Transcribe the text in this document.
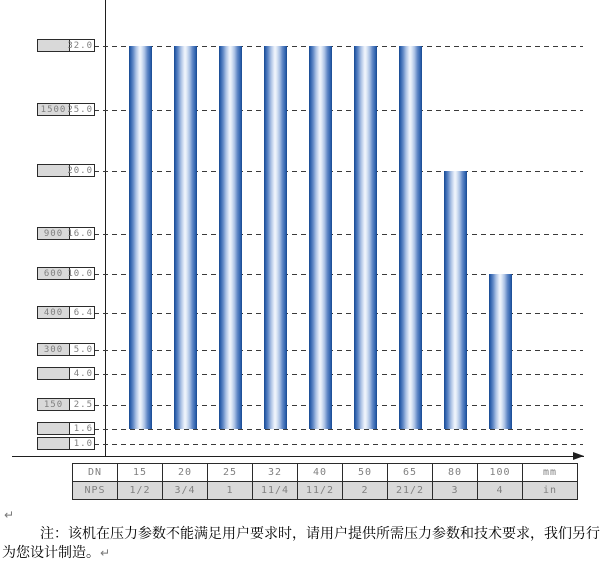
32.0
1500 25.0
20.0
900 16.0
600 10.0
400	6.4
300	5.0
4.0
150	2.5
1.6
1.0
DN	15	20	25	32	40	50	65	80	100	mm
NPS	1/2	3/4	1	11/4	11/2	2	21/2	3	4	in
↵

注：该机在压力参数不能满足用户要求时，请用户提供所需压力参数和技术要求，我们另行为您设计制造。↵
